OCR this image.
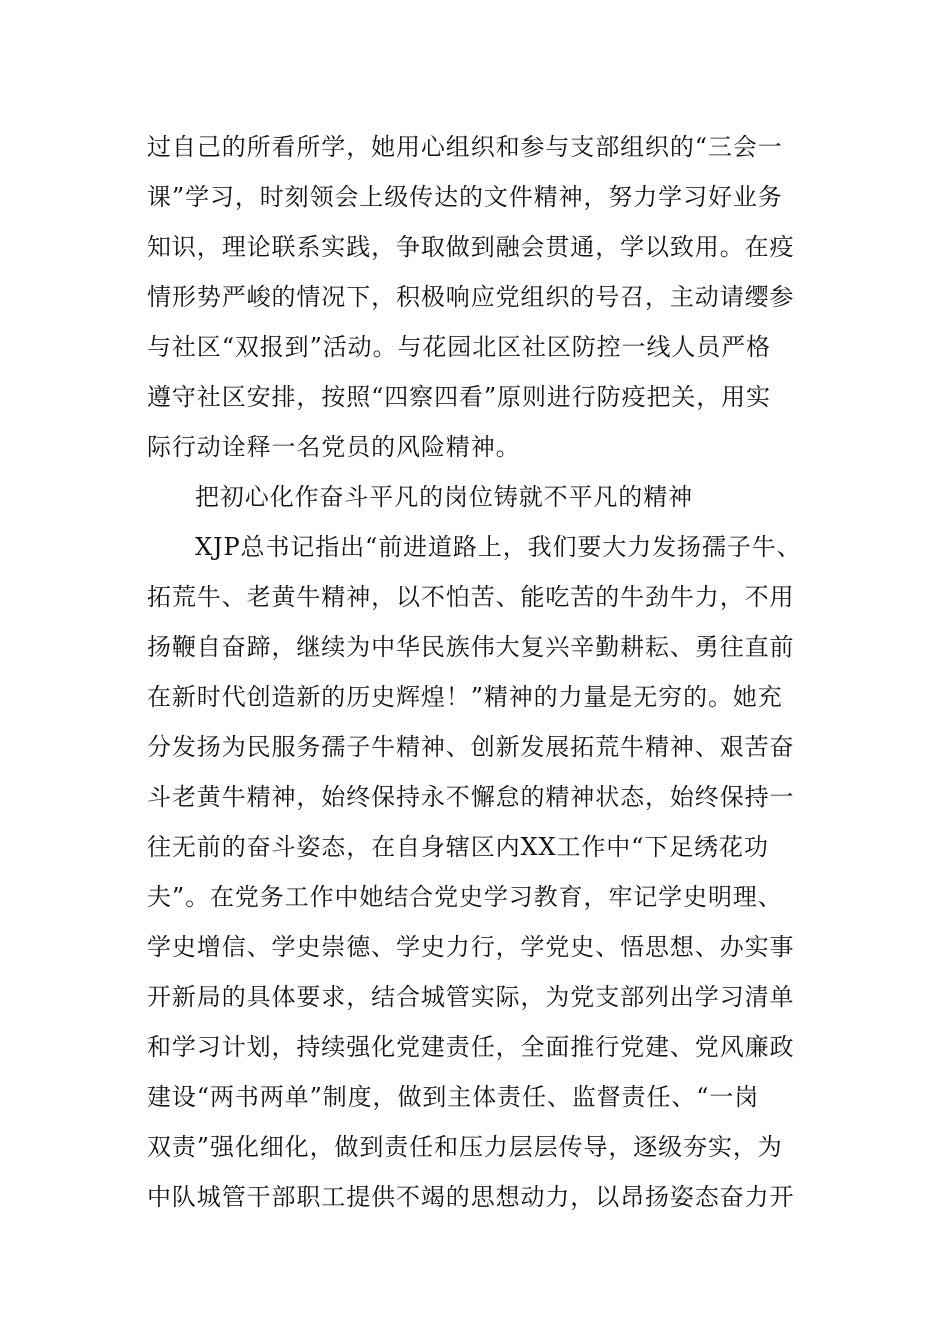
过自己的所看所学，她用心组织和参与支部组织的“三会一
课”学习，时刻领会上级传达的文件精神，努力学习好业务
知识，理论联系实践，争取做到融会贯通，学以致用。在疫
情形势严峻的情况下，积极响应党组织的号召，主动请缨参
与社区“双报到”活动。与花园北区社区防控一线人员严格
遵守社区安排，按照“四察四看”原则进行防疫把关，用实
际行动诠释一名党员的风险精神。
把初心化作奋斗平凡的岗位铸就不平凡的精神
XJP总书记指出“前进道路上，我们要大力发扬孺子牛、
拓荒牛、老黄牛精神，以不怕苦、能吃苦的牛劲牛力，不用
扬鞭自奋蹄，继续为中华民族伟大复兴辛勤耕耘、勇往直前
在新时代创造新的历史辉煌！”精神的力量是无穷的。她充
分发扬为民服务孺子牛精神、创新发展拓荒牛精神、艰苦奋
斗老黄牛精神，始终保持永不懈怠的精神状态，始终保持一
往无前的奋斗姿态，在自身辖区内XX工作中“下足绣花功
夫”。在党务工作中她结合党史学习教育，牢记学史明理、
学史增信、学史崇德、学史力行，学党史、悟思想、办实事
开新局的具体要求，结合城管实际，为党支部列出学习清单
和学习计划，持续强化党建责任，全面推行党建、党风廉政
建设“两书两单”制度，做到主体责任、监督责任、“一岗
双责”强化细化，做到责任和压力层层传导，逐级夯实，为
中队城管干部职工提供不竭的思想动力，以昂扬姿态奋力开
